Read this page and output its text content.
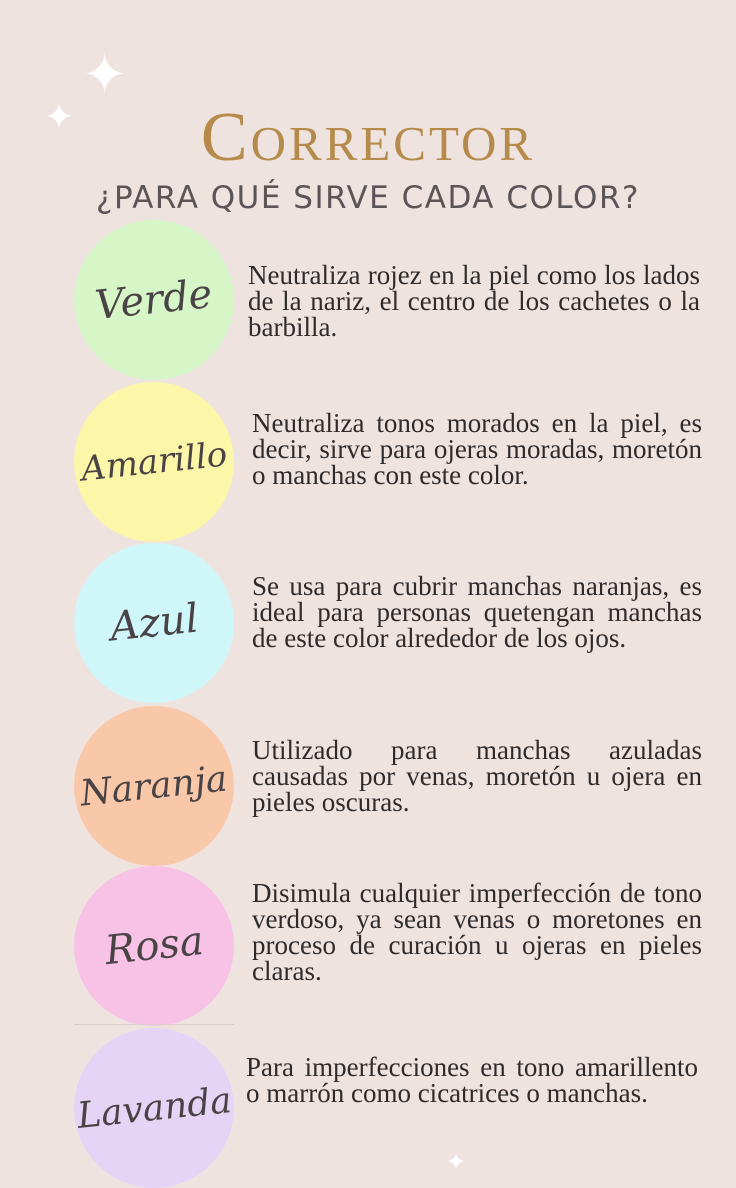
✦
✦
✦
Corrector
¿PARA QUÉ SIRVE CADA COLOR?
Verde Neutraliza rojez en la piel como los lados de la nariz, el centro de los cachetes o la barbilla.
Amarillo
Neutraliza tonos morados en la piel, es decir, sirve para ojeras moradas, moretón o manchas con este color.
Azul
Se usa para cubrir manchas naranjas, es ideal para personas quetengan manchas de este color alrededor de los ojos.
Naranja
Utilizado para manchas azuladas causadas por venas, moretón u ojera en pieles oscuras.
Rosa
Disimula cualquier imperfección de tono verdoso, ya sean venas o moretones en proceso de curación u ojeras en pieles claras.
Lavanda
Para imperfecciones en tono amarillento o marrón como cicatrices o manchas.
